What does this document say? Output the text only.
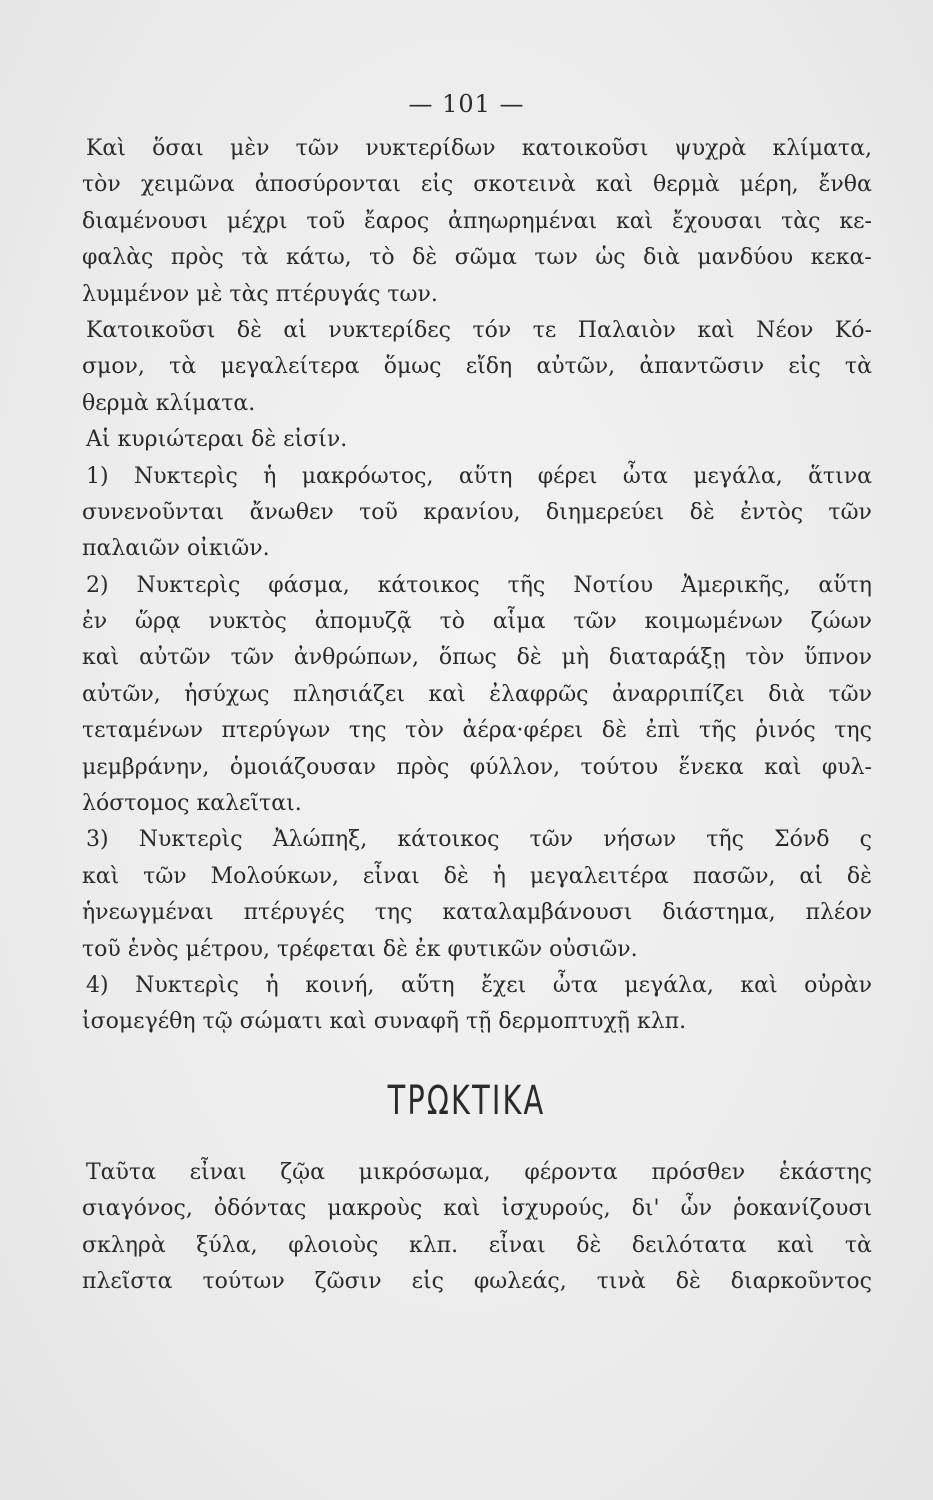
— 101 —
Καὶ ὅσαι μὲν τῶν νυκτερίδων κατοικοῦσι ψυχρὰ κλίματα,
τὸν χειμῶνα ἀποσύρονται εἰς σκοτεινὰ καὶ θερμὰ μέρη, ἔνθα
διαμένουσι μέχρι τοῦ ἔαρος ἀπηωρημέναι καὶ ἔχουσαι τὰς κε-
φαλὰς πρὸς τὰ κάτω, τὸ δὲ σῶμα των ὡς διὰ μανδύου κεκα-
λυμμένον μὲ τὰς πτέρυγάς των.
Κατοικοῦσι δὲ αἱ νυκτερίδες τόν τε Παλαιὸν καὶ Νέον Κό-
σμον, τὰ μεγαλείτερα ὅμως εἴδη αὐτῶν, ἀπαντῶσιν εἰς τὰ
θερμὰ κλίματα.
Αἱ κυριώτεραι δὲ εἰσίν.
1) Νυκτερὶς ἡ μακρόωτος, αὕτη φέρει ὦτα μεγάλα, ἅτινα
συνενοῦνται ἄνωθεν τοῦ κρανίου, διημερεύει δὲ ἐντὸς τῶν
παλαιῶν οἰκιῶν.
2) Νυκτερὶς φάσμα, κάτοικος τῆς Νοτίου Ἀμερικῆς, αὕτη
ἐν ὥρᾳ νυκτὸς ἀπομυζᾷ τὸ αἷμα τῶν κοιμωμένων ζώων
καὶ αὐτῶν τῶν ἀνθρώπων, ὅπως δὲ μὴ διαταράξῃ τὸν ὕπνον
αὐτῶν, ἡσύχως πλησιάζει καὶ ἐλαφρῶς ἀναρριπίζει διὰ τῶν
τεταμένων πτερύγων της τὸν ἀέρα·φέρει δὲ ἐπὶ τῆς ῥινός της
μεμβράνην, ὁμοιάζουσαν πρὸς φύλλον, τούτου ἕνεκα καὶ φυλ-
λόστομος καλεῖται.
3) Νυκτερὶς Ἀλώπηξ, κάτοικος τῶν νήσων τῆς Σόνδ ς
καὶ τῶν Μολούκων, εἶναι δὲ ἡ μεγαλειτέρα πασῶν, αἱ δὲ
ἡνεωγμέναι πτέρυγές της καταλαμβάνουσι διάστημα, πλέον
τοῦ ἑνὸς μέτρου, τρέφεται δὲ ἐκ φυτικῶν οὐσιῶν.
4) Νυκτερὶς ἡ κοινή, αὕτη ἔχει ὦτα μεγάλα, καὶ οὐρὰν
ἰσομεγέθη τῷ σώματι καὶ συναφῆ τῇ δερμοπτυχῇ κλπ.
ΤΡΩΚΤΙΚΑ
Ταῦτα εἶναι ζῷα μικρόσωμα, φέροντα πρόσθεν ἑκάστης
σιαγόνος, ὀδόντας μακροὺς καὶ ἰσχυρούς, δι' ὧν ῥοκανίζουσι
σκληρὰ ξύλα, φλοιοὺς κλπ. εἶναι δὲ δειλότατα καὶ τὰ
πλεῖστα τούτων ζῶσιν εἰς φωλεάς, τινὰ δὲ διαρκοῦντος
